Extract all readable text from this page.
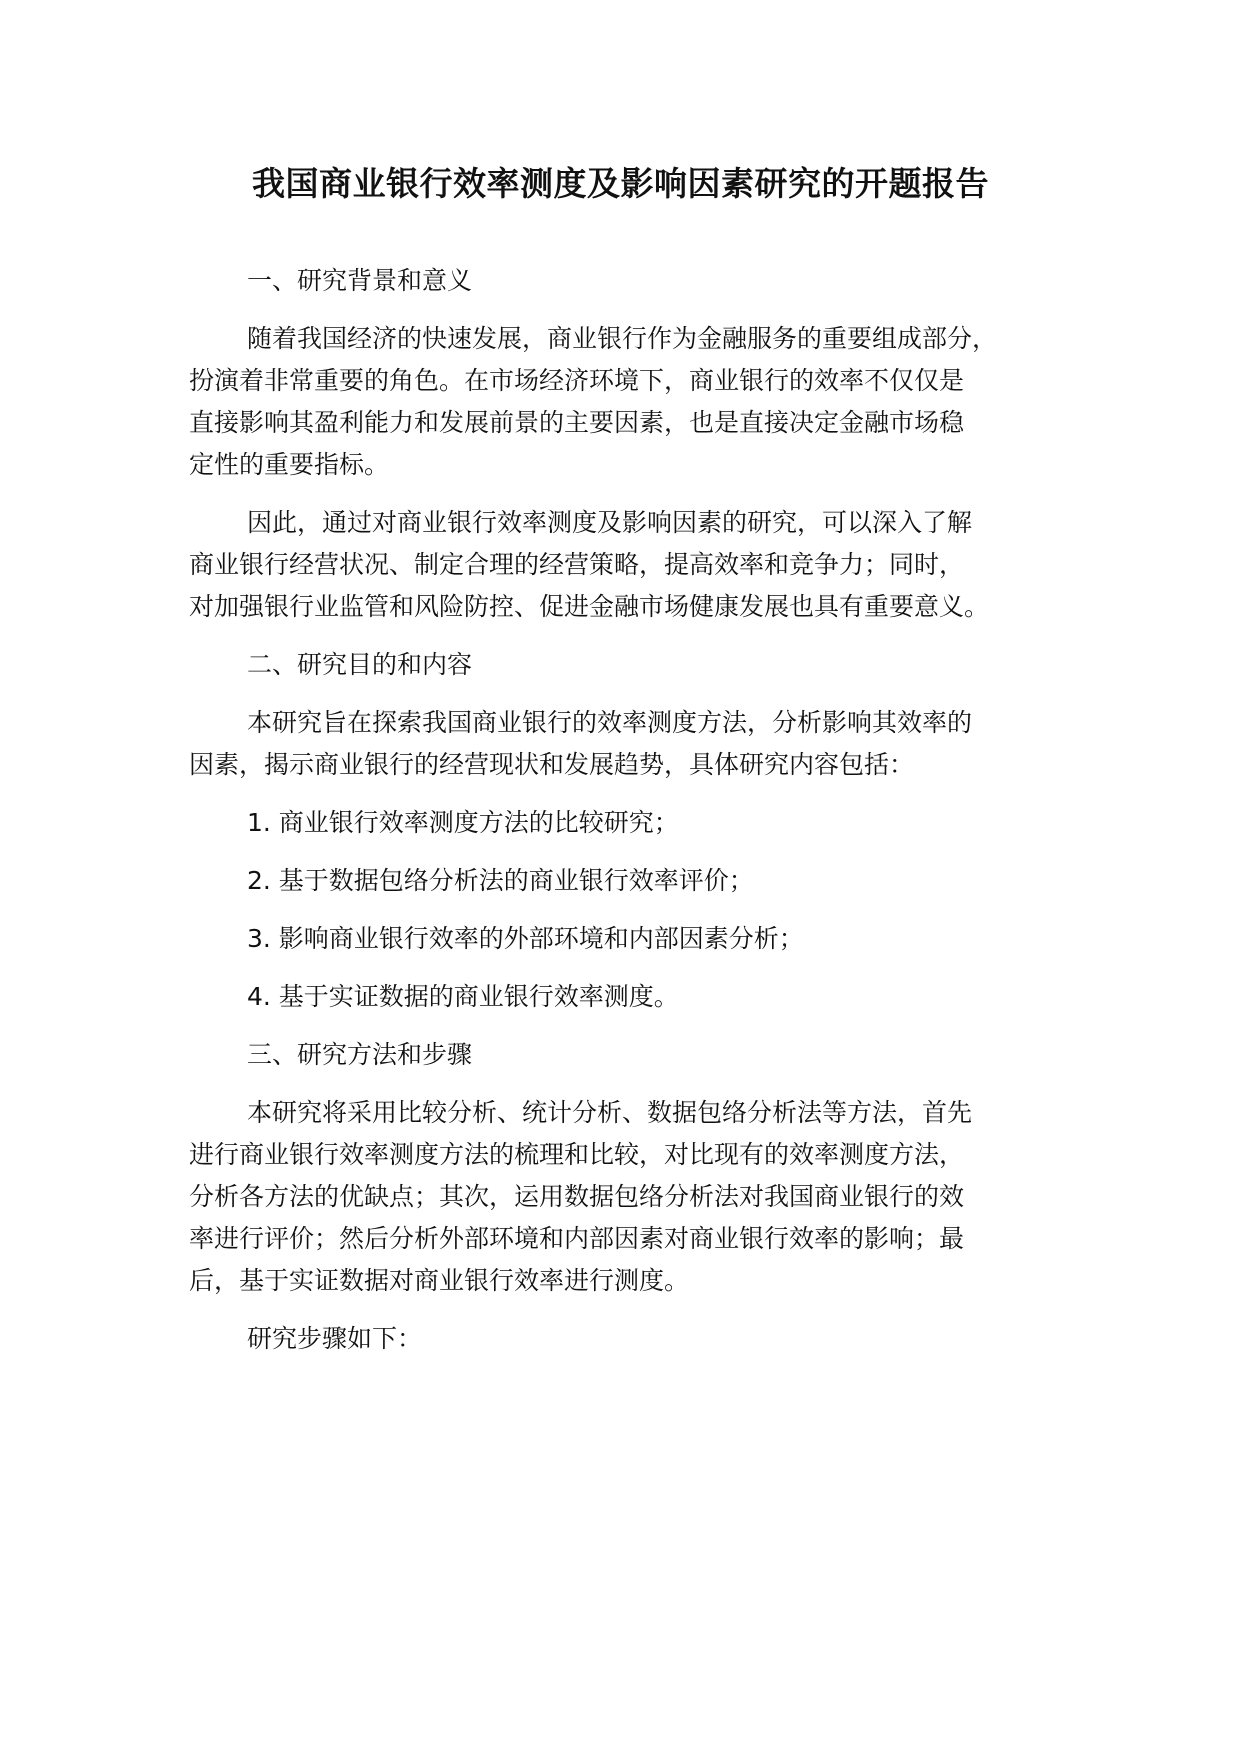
我国商业银行效率测度及影响因素研究的开题报告
一、研究背景和意义
随着我国经济的快速发展，商业银行作为金融服务的重要组成部分，
扮演着非常重要的角色。在市场经济环境下，商业银行的效率不仅仅是
直接影响其盈利能力和发展前景的主要因素，也是直接决定金融市场稳
定性的重要指标。
因此，通过对商业银行效率测度及影响因素的研究，可以深入了解
商业银行经营状况、制定合理的经营策略，提高效率和竞争力；同时，
对加强银行业监管和风险防控、促进金融市场健康发展也具有重要意义。
二、研究目的和内容
本研究旨在探索我国商业银行的效率测度方法，分析影响其效率的
因素，揭示商业银行的经营现状和发展趋势，具体研究内容包括：
1. 商业银行效率测度方法的比较研究；
2. 基于数据包络分析法的商业银行效率评价；
3. 影响商业银行效率的外部环境和内部因素分析；
4. 基于实证数据的商业银行效率测度。
三、研究方法和步骤
本研究将采用比较分析、统计分析、数据包络分析法等方法，首先
进行商业银行效率测度方法的梳理和比较，对比现有的效率测度方法，
分析各方法的优缺点；其次，运用数据包络分析法对我国商业银行的效
率进行评价；然后分析外部环境和内部因素对商业银行效率的影响；最
后，基于实证数据对商业银行效率进行测度。
研究步骤如下：
